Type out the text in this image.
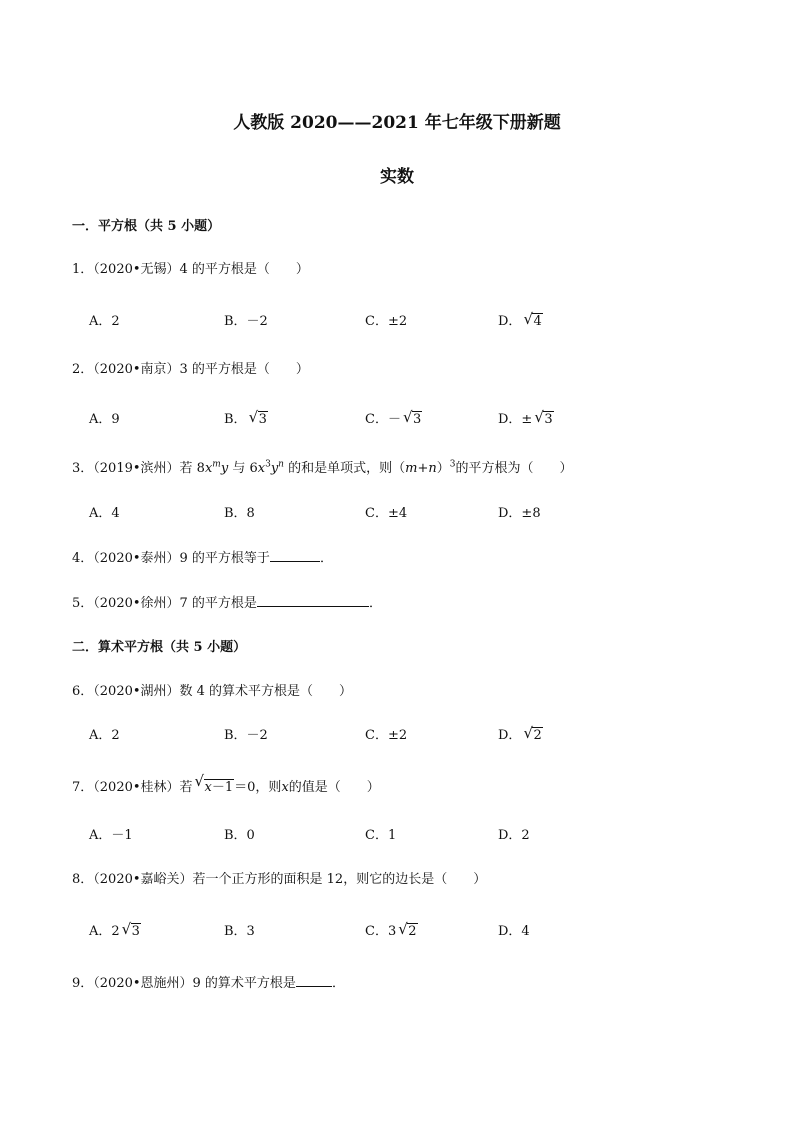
人教版 2020——2021 年七年级下册新题
实数
一．平方根（共 5 小题）
1．（2020•无锡）4 的平方根是（　　）
A．2	B．－2	C．±2	D． √ 4
2．（2020•南京）3 的平方根是（　　）
A．9	B． √ 3	C．－ √ 3	D．± √ 3
3．（2019•滨州）若 $8x^my$ 与 $6x^3y^n$ 的和是单项式，则$(m+n)^3$的平方根为（　　）
A．4	B．8	C．±4	D．±8
4．（2020•泰州）9 的平方根等于	．
5．（2020•徐州）7 的平方根是	．
二．算术平方根（共 5 小题）
6．（2020•湖州）数 4 的算术平方根是（　　）
A．2	B．－2	C．±2	D． √ 2
7．（2020•桂林）若 √ x－1＝0，则x的值是（　　）
A．－1	B．0	C．1	D．2
8．（2020•嘉峪关）若一个正方形的面积是 12，则它的边长是（　　）
A．2 √ 3	B．3	C．3 √ 2	D．4
9．（2020•恩施州）9 的算术平方根是	．
